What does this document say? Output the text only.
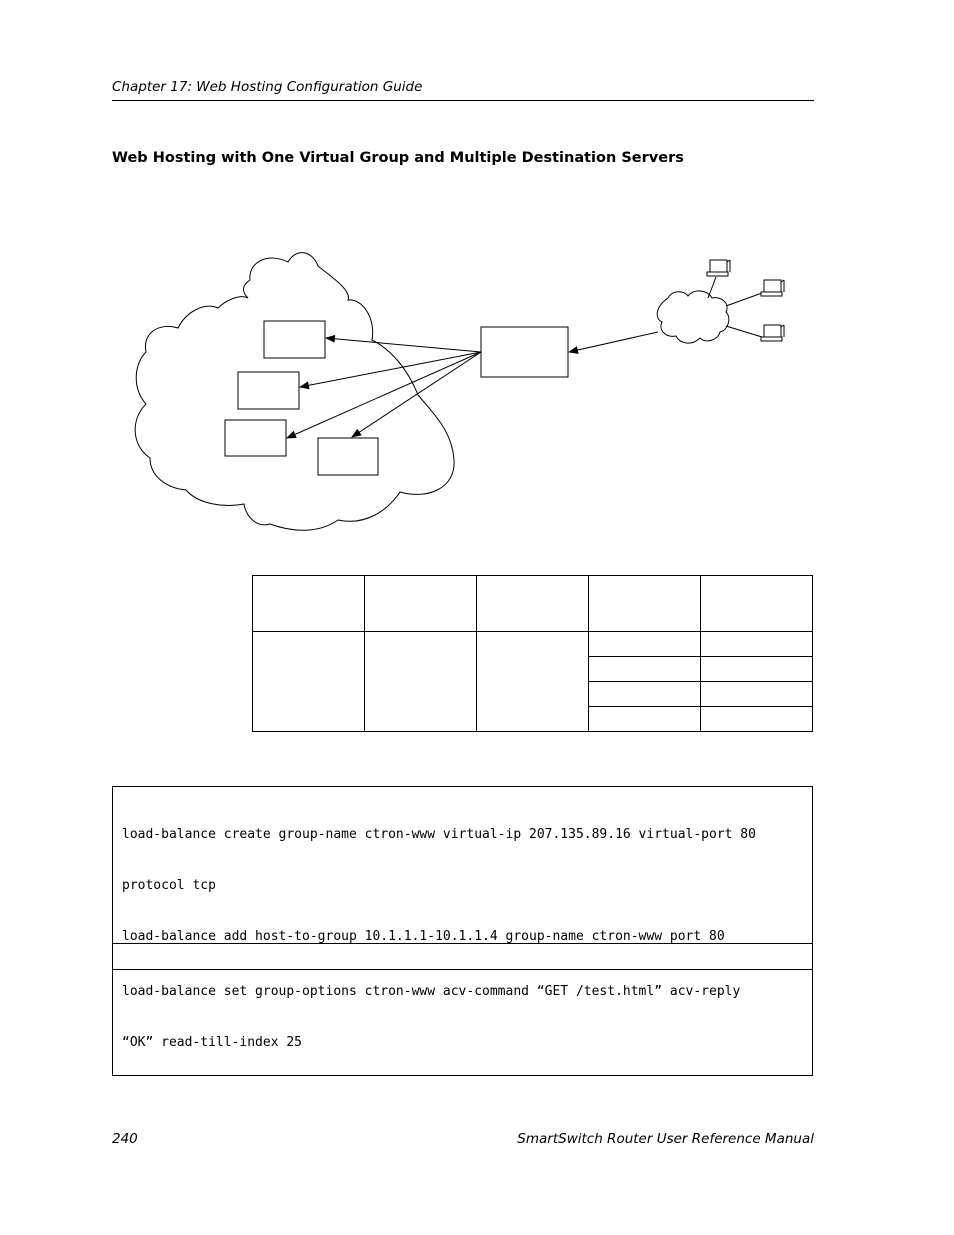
Chapter 17: Web Hosting Configuration Guide
Web Hosting with One Virtual Group and Multiple Destination Servers

load-balance create group-name ctron-www virtual-ip 207.135.89.16 virtual-port 80

protocol tcp

load-balance add host-to-group 10.1.1.1-10.1.1.4 group-name ctron-www port 80

load-balance set group-options ctron-www acv-command “GET /test.html” acv-reply

“OK” read-till-index 25

240	SmartSwitch Router User Reference Manual
